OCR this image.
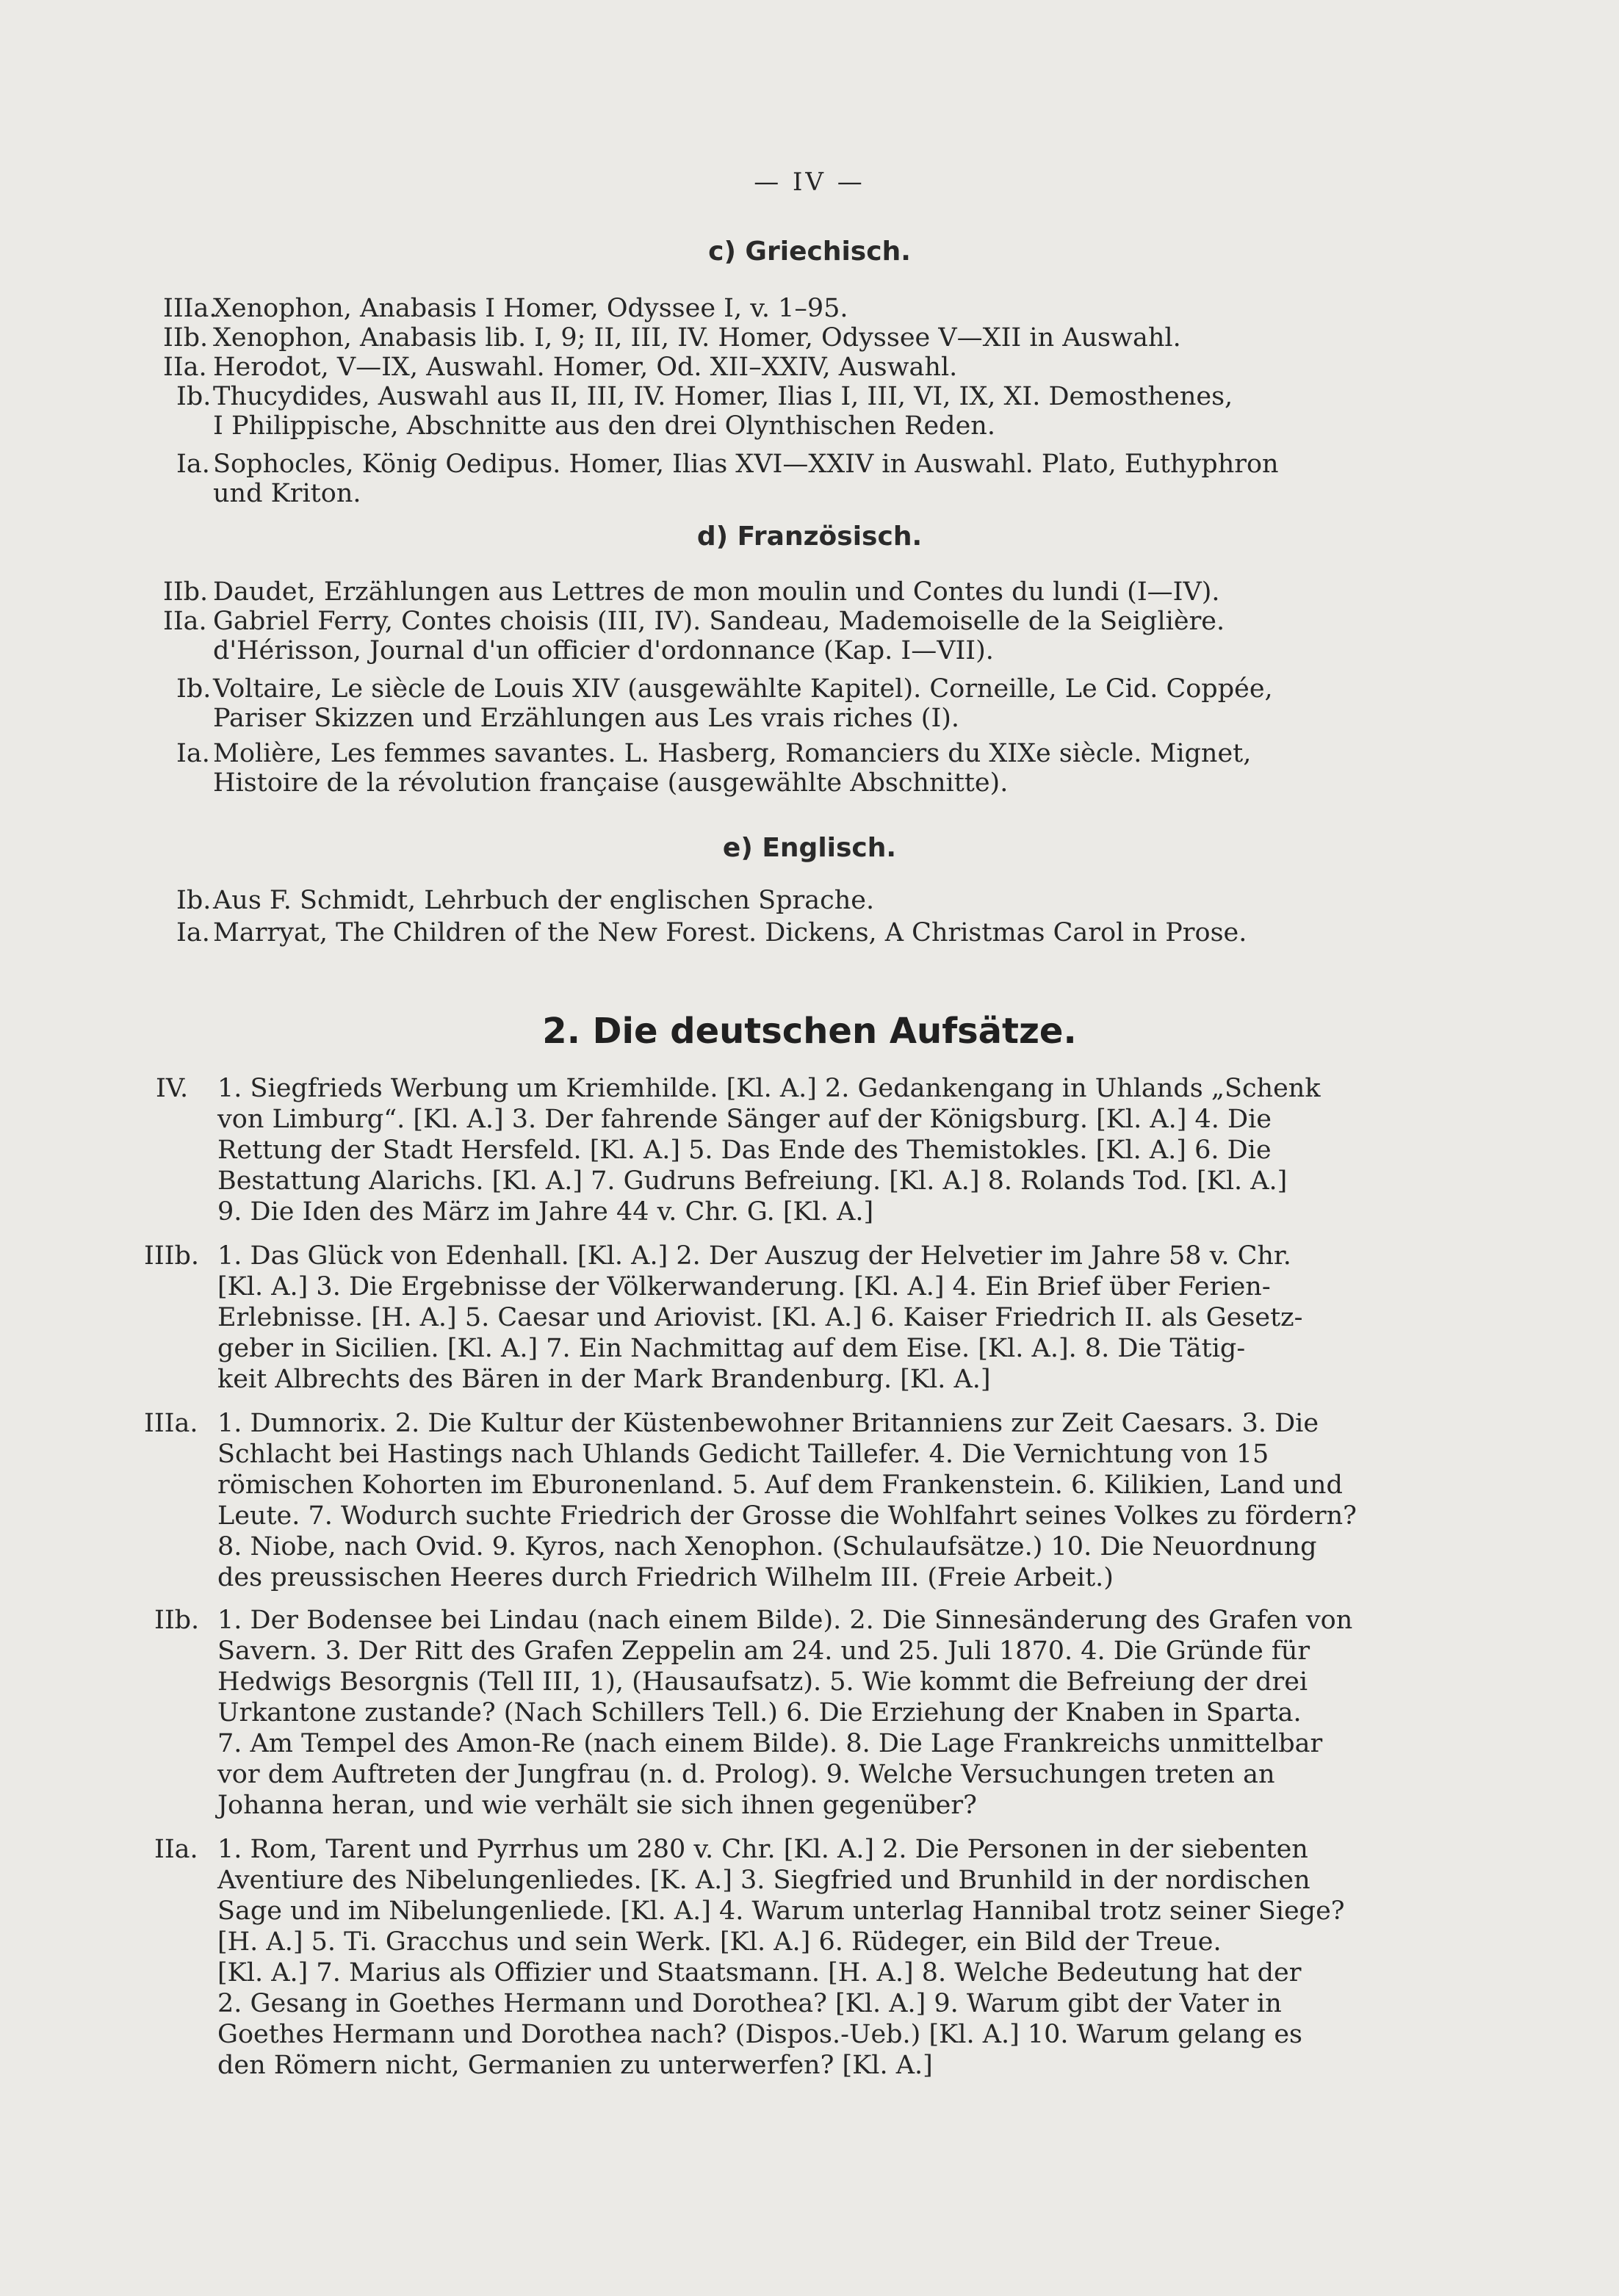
— IV —
c) Griechisch.
IIIa.
Xenophon, Anabasis I Homer, Odyssee I, v. 1–95.
IIb. Xenophon, Anabasis lib. I, 9; II, III, IV. Homer, Odyssee V—XII in Auswahl.
IIa. Herodot, V—IX, Auswahl. Homer, Od. XII–XXIV, Auswahl.
Ib. Thucydides, Auswahl aus II, III, IV. Homer, Ilias I, III, VI, IX, XI. Demosthenes,
I Philippische, Abschnitte aus den drei Olynthischen Reden.
Ia. Sophocles, König Oedipus. Homer, Ilias XVI—XXIV in Auswahl. Plato, Euthyphron
und Kriton.
d) Französisch.
IIb. Daudet, Erzählungen aus Lettres de mon moulin und Contes du lundi (I—IV).
IIa. Gabriel Ferry, Contes choisis (III, IV). Sandeau, Mademoiselle de la Seiglière.
d'Hérisson, Journal d'un officier d'ordonnance (Kap. I—VII).
Ib. Voltaire, Le siècle de Louis XIV (ausgewählte Kapitel). Corneille, Le Cid. Coppée,
Pariser Skizzen und Erzählungen aus Les vrais riches (I).
Ia. Molière, Les femmes savantes. L. Hasberg, Romanciers du XIXe siècle. Mignet,
Histoire de la révolution française (ausgewählte Abschnitte).
e) Englisch.
Ib. Aus F. Schmidt, Lehrbuch der englischen Sprache.
Ia. Marryat, The Children of the New Forest. Dickens, A Christmas Carol in Prose.
2. Die deutschen Aufsätze.
IV. 1. Siegfrieds Werbung um Kriemhilde. [Kl. A.] 2. Gedankengang in Uhlands „Schenk
von Limburg“. [Kl. A.] 3. Der fahrende Sänger auf der Königsburg. [Kl. A.] 4. Die
Rettung der Stadt Hersfeld. [Kl. A.] 5. Das Ende des Themistokles. [Kl. A.] 6. Die
Bestattung Alarichs. [Kl. A.] 7. Gudruns Befreiung. [Kl. A.] 8. Rolands Tod. [Kl. A.]
9. Die Iden des März im Jahre 44 v. Chr. G. [Kl. A.]
IIIb. 1. Das Glück von Edenhall. [Kl. A.] 2. Der Auszug der Helvetier im Jahre 58 v. Chr.
[Kl. A.] 3. Die Ergebnisse der Völkerwanderung. [Kl. A.] 4. Ein Brief über Ferien-
Erlebnisse. [H. A.] 5. Caesar und Ariovist. [Kl. A.] 6. Kaiser Friedrich II. als Gesetz-
geber in Sicilien. [Kl. A.] 7. Ein Nachmittag auf dem Eise. [Kl. A.]. 8. Die Tätig-
keit Albrechts des Bären in der Mark Brandenburg. [Kl. A.]
IIIa. 1. Dumnorix. 2. Die Kultur der Küstenbewohner Britanniens zur Zeit Caesars. 3. Die
Schlacht bei Hastings nach Uhlands Gedicht Taillefer. 4. Die Vernichtung von 15
römischen Kohorten im Eburonenland. 5. Auf dem Frankenstein. 6. Kilikien, Land und
Leute. 7. Wodurch suchte Friedrich der Grosse die Wohlfahrt seines Volkes zu fördern?
8. Niobe, nach Ovid. 9. Kyros, nach Xenophon. (Schulaufsätze.) 10. Die Neuordnung
des preussischen Heeres durch Friedrich Wilhelm III. (Freie Arbeit.)
IIb. 1. Der Bodensee bei Lindau (nach einem Bilde). 2. Die Sinnesänderung des Grafen von
Savern. 3. Der Ritt des Grafen Zeppelin am 24. und 25. Juli 1870. 4. Die Gründe für
Hedwigs Besorgnis (Tell III, 1), (Hausaufsatz). 5. Wie kommt die Befreiung der drei
Urkantone zustande? (Nach Schillers Tell.) 6. Die Erziehung der Knaben in Sparta.
7. Am Tempel des Amon-Re (nach einem Bilde). 8. Die Lage Frankreichs unmittelbar
vor dem Auftreten der Jungfrau (n. d. Prolog). 9. Welche Versuchungen treten an
Johanna heran, und wie verhält sie sich ihnen gegenüber?
IIa. 1. Rom, Tarent und Pyrrhus um 280 v. Chr. [Kl. A.] 2. Die Personen in der siebenten
Aventiure des Nibelungenliedes. [K. A.] 3. Siegfried und Brunhild in der nordischen
Sage und im Nibelungenliede. [Kl. A.] 4. Warum unterlag Hannibal trotz seiner Siege?
[H. A.] 5. Ti. Gracchus und sein Werk. [Kl. A.] 6. Rüdeger, ein Bild der Treue.
[Kl. A.] 7. Marius als Offizier und Staatsmann. [H. A.] 8. Welche Bedeutung hat der
2. Gesang in Goethes Hermann und Dorothea? [Kl. A.] 9. Warum gibt der Vater in
Goethes Hermann und Dorothea nach? (Dispos.-Ueb.) [Kl. A.] 10. Warum gelang es
den Römern nicht, Germanien zu unterwerfen? [Kl. A.]
